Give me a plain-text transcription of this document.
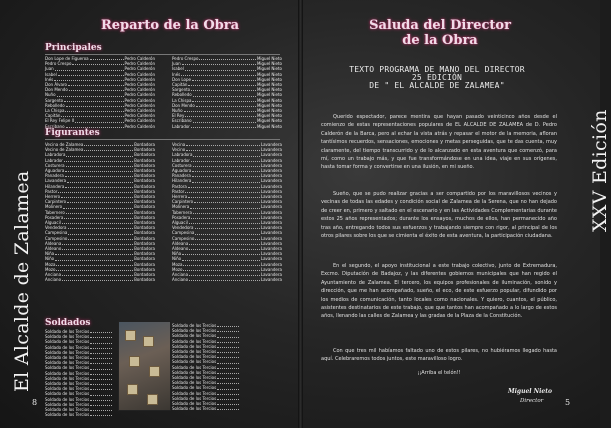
El Alcalde de Zalamea
8
Reparto de la Obra
Principales
Don Lope de Figueroa	Pedro Calderón
Pedro Crespo	Pedro Calderón
Juan	Pedro Calderón
Isabel	Pedro Calderón
Inés	Pedro Calderón
Don Álvaro	Pedro Calderón
Don Mendo	Pedro Calderón
Nuño	Pedro Calderón
Sargento	Pedro Calderón
Rebolledo	Pedro Calderón
La Chispa	Pedro Calderón
Capitán	Pedro Calderón
El Rey Felipe II	Pedro Calderón
Escribano	Pedro Calderón
Pedro Crespo	Miguel Nieto
Juan	Miguel Nieto
Isabel	Miguel Nieto
Inés	Miguel Nieto
Don Lope	Miguel Nieto
Capitán	Miguel Nieto
Sargento	Miguel Nieto
Rebolledo	Miguel Nieto
La Chispa	Miguel Nieto
Don Mendo	Miguel Nieto
Nuño	Miguel Nieto
El Rey	Miguel Nieto
Escribano	Miguel Nieto
Labrador	Miguel Nieto
Figurantes
Vecina de Zalamea	Bordadora
Vecino de Zalamea	Bordadora
Labradora	Bordadora
Labrador	Bordadora
Costurera	Bordadora
Aguadora	Bordadora
Panadera	Bordadora
Lavandera	Bordadora
Hilandera	Bordadora
Pastor	Bordadora
Herrero	Bordadora
Carpintero	Bordadora
Molinero	Bordadora
Tabernero	Bordadora
Posadera	Bordadora
Alguacil	Bordadora
Vendedora	Bordadora
Campesina	Bordadora
Campesino	Bordadora
Aldeana	Bordadora
Aldeano	Bordadora
Niña	Bordadora
Niño	Bordadora
Moza	Bordadora
Mozo	Bordadora
Anciana	Bordadora
Anciano	Bordadora
Vecina	Lavandera
Vecino	Lavandera
Labradora	Lavandera
Labrador	Lavandera
Costurera	Lavandera
Aguadora	Lavandera
Panadera	Lavandera
Hilandera	Lavandera
Pastora	Lavandera
Pastor	Lavandera
Herrera	Lavandera
Carpintero	Lavandera
Molinera	Lavandera
Tabernera	Lavandera
Posadera	Lavandera
Alguacil	Lavandera
Vendedora	Lavandera
Campesina	Lavandera
Campesino	Lavandera
Aldeana	Lavandera
Aldeano	Lavandera
Niña	Lavandera
Niño	Lavandera
Moza	Lavandera
Mozo	Lavandera
Anciana	Lavandera
Anciano	Lavandera
Soldados
Soldado de los Tercios
Soldado de los Tercios
Soldado de los Tercios
Soldado de los Tercios
Soldado de los Tercios
Soldado de los Tercios
Soldado de los Tercios
Soldado de los Tercios
Soldado de los Tercios
Soldado de los Tercios
Soldado de los Tercios
Soldado de los Tercios
Soldado de los Tercios
Soldado de los Tercios
Soldado de los Tercios
Soldado de los Tercios
Soldado de los Tercios
Soldado de los Tercios
Soldado de los Tercios
Soldado de los Tercios
Soldado de los Tercios
Soldado de los Tercios
Soldado de los Tercios
Soldado de los Tercios
Soldado de los Tercios
Soldado de los Tercios
Soldado de los Tercios
Soldado de los Tercios
Soldado de los Tercios
Soldado de los Tercios
Soldado de los Tercios
Soldado de los Tercios
Soldado de los Tercios
Soldado de los Tercios
Saluda del Director
de la Obra
TEXTO PROGRAMA DE MANO DEL DIRECTOR
25 EDICIÓN
DE " EL ALCALDE DE ZALAMEA"
Querido espectador, parece mentira que hayan pasado veinticinco años desde el comienzo de estas representaciones populares de EL ALCALDE DE ZALAMEA de D. Pedro Calderón de la Barca, pero al echar la vista atrás y repasar el motor de la memoria, afloran tantísimos recuerdos, sensaciones, emociones y metas perseguidas, que te das cuenta, muy claramente, del tiempo transcurrido y de lo alcanzado en esta aventura que comenzó, para mí, como un trabajo más, y que fue transformándose en una idea, viaje en sus orígenes, hasta tomar forma y convertirse en una ilusión, en mi sueño.
Sueño, que se pudo realizar gracias a ser compartido por los maravillosos vecinos y vecinas de todas las edades y condición social de Zalamea de la Serena, que no han dejado de creer en, primero y saltado en el escenario y en las Actividades Complementarias durante estos 25 años representados; durante los ensayos, muchos de ellos, han permanecido año tras año, entregando todos sus esfuerzos y trabajando siempre con rigor, al principal de los otros pilares sobre los que se cimienta el éxito de esta aventura, la participación ciudadana.
En el segundo, el apoyo institucional a este trabajo colectivo, junto de Extremadura, Excmo. Diputación de Badajoz, y las diferentes gobiernos municipales que han regido el Ayuntamiento de Zalamea. El tercero, los equipos profesionales de iluminación, sonido y dirección, que me han acompañado, sueño, el eco, de este esfuerzo popular, difundido por los medios de comunicación, tanto locales como nacionales. Y quiero, cuantos, el público, asistentes destinatarios de este trabajo, que que tantos han acompañado a lo largo de estos años, llenando las calles de Zalamea y las gradas de la Plaza de la Constitución.
Con que tres mil habíamos faltado uno de estos pilares, no hubiéramos llegado hasta aquí. Celebraremos todos juntos, este maravilloso logro.
¡¡Arriba el telón!!
Miguel Nieto
Director	5
XXV Edición
